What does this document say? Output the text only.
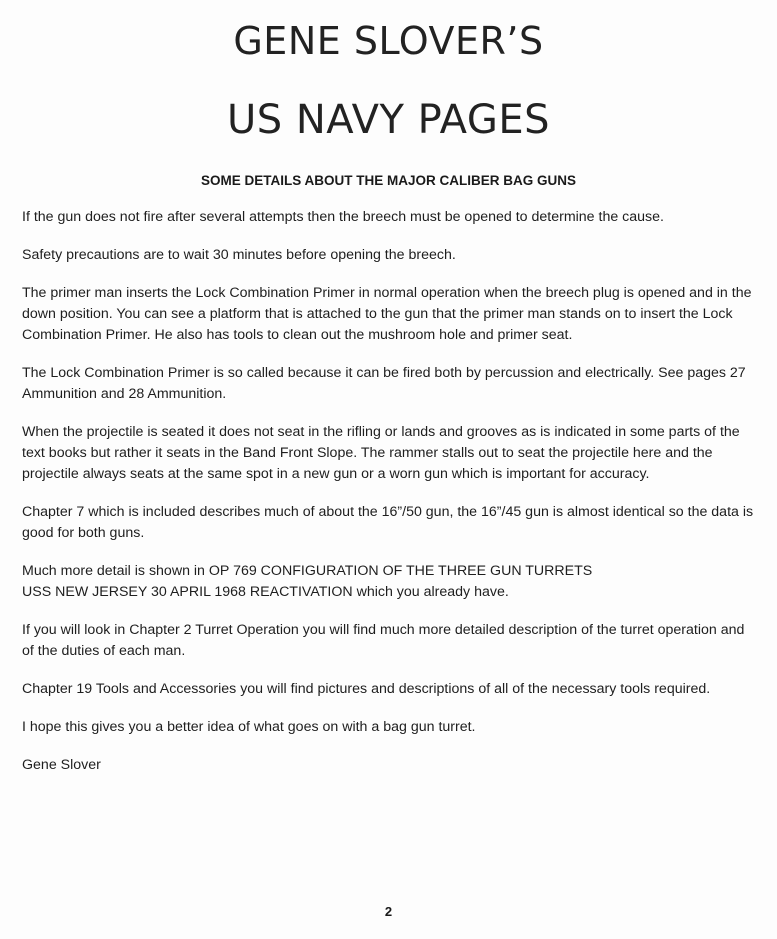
GENE SLOVER’S
US NAVY PAGES
SOME DETAILS ABOUT THE MAJOR CALIBER BAG GUNS

If the gun does not fire after several attempts then the breech must be opened to determine the cause.

Safety precautions are to wait 30 minutes before opening the breech.

The primer man inserts the Lock Combination Primer in normal operation when the breech plug is opened and in the down position. You can see a platform that is attached to the gun that the primer man stands on to insert the Lock Combination Primer. He also has tools to clean out the mushroom hole and primer seat.

The Lock Combination Primer is so called because it can be fired both by percussion and electrically. See pages 27 Ammunition and 28 Ammunition.

When the projectile is seated it does not seat in the rifling or lands and grooves as is indicated in some parts of the text books but rather it seats in the Band Front Slope. The rammer stalls out to seat the projectile here and the projectile always seats at the same spot in a new gun or a worn gun which is important for accuracy.

Chapter 7 which is included describes much of about the 16”/50 gun, the 16”/45 gun is almost identical so the data is good for both guns.

Much more detail is shown in OP 769 CONFIGURATION OF THE THREE GUN TURRETS

USS NEW JERSEY 30 APRIL 1968 REACTIVATION which you already have.

If you will look in Chapter 2 Turret Operation you will find much more detailed description of the turret operation and of the duties of each man.

Chapter 19 Tools and Accessories you will find pictures and descriptions of all of the necessary tools required.

I hope this gives you a better idea of what goes on with a bag gun turret.

Gene Slover

2
